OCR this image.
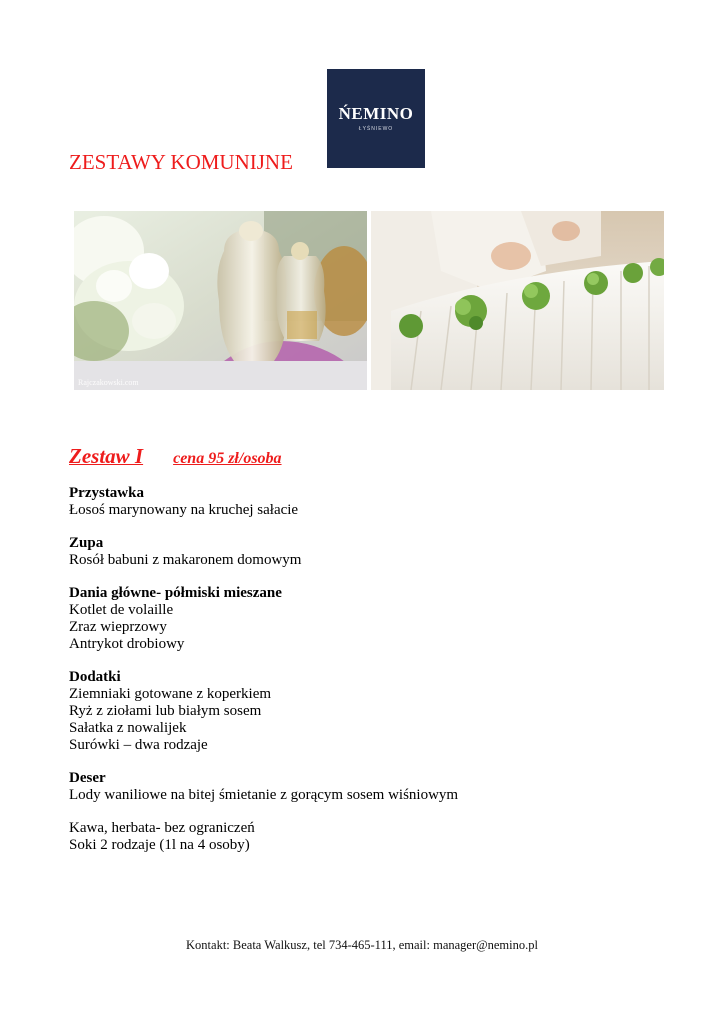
ŃEMINO
ŁYŚNIEWO
ZESTAWY KOMUNIJNE
Rajczakowski.com
Zestaw I cena 95 zł/osoba
Przystawka
Łosoś marynowany na kruchej sałacie
Zupa
Rosół babuni z makaronem domowym
Dania główne- półmiski mieszane
Kotlet de volaille
Zraz wieprzowy
Antrykot drobiowy
Dodatki
Ziemniaki gotowane z koperkiem
Ryż z ziołami lub białym sosem
Sałatka z nowalijek
Surówki – dwa rodzaje
Deser
Lody waniliowe na bitej śmietanie z gorącym sosem wiśniowym
Kawa, herbata- bez ograniczeń
Soki 2 rodzaje (1l na 4 osoby)
Kontakt: Beata Walkusz, tel 734-465-111, email: manager@nemino.pl
